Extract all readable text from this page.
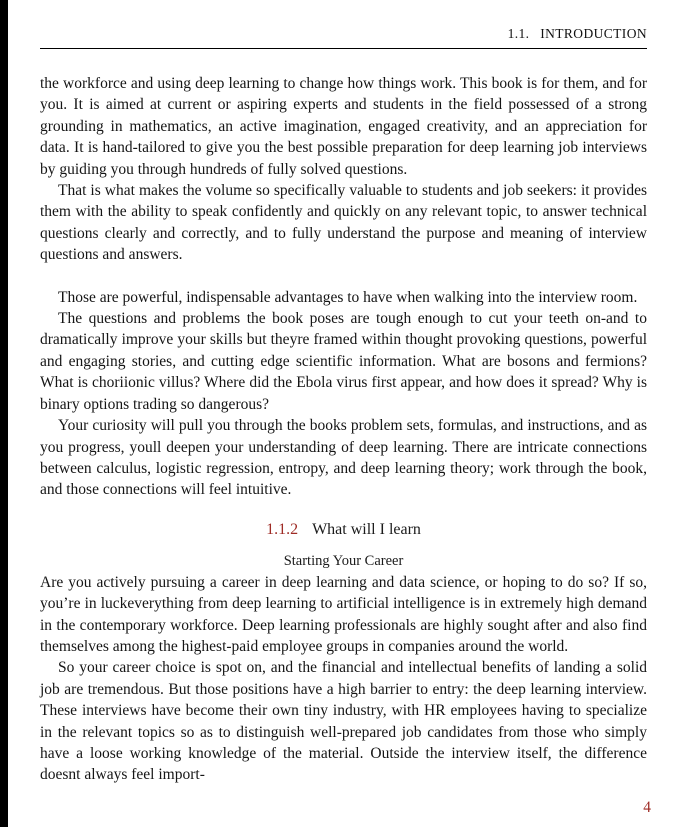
1.1. INTRODUCTION

the workforce and using deep learning to change how things work. This book is for them, and for you. It is aimed at current or aspiring experts and students in the field possessed of a strong grounding in mathematics, an active imagination, engaged creativity, and an appreciation for data. It is hand-tailored to give you the best possible preparation for deep learning job interviews by guiding you through hundreds of fully solved questions.

That is what makes the volume so specifically valuable to students and job seekers: it provides them with the ability to speak confidently and quickly on any relevant topic, to answer technical questions clearly and correctly, and to fully understand the purpose and meaning of interview questions and answers.

Those are powerful, indispensable advantages to have when walking into the interview room.

The questions and problems the book poses are tough enough to cut your teeth on-and to dramatically improve your skills but theyre framed within thought provoking questions, powerful and engaging stories, and cutting edge scientific information. What are bosons and fermions? What is choriionic villus? Where did the Ebola virus first appear, and how does it spread? Why is binary options trading so dangerous?

Your curiosity will pull you through the books problem sets, formulas, and instructions, and as you progress, youll deepen your understanding of deep learning. There are intricate connections between calculus, logistic regression, entropy, and deep learning theory; work through the book, and those connections will feel intuitive.

1.1.2 What will I learn
Starting Your Career

Are you actively pursuing a career in deep learning and data science, or hoping to do so? If so, you’re in luckeverything from deep learning to artificial intelligence is in extremely high demand in the contemporary workforce. Deep learning professionals are highly sought after and also find themselves among the highest-paid employee groups in companies around the world.

So your career choice is spot on, and the financial and intellectual benefits of landing a solid job are tremendous. But those positions have a high barrier to entry: the deep learning interview. These interviews have become their own tiny industry, with HR employees having to specialize in the relevant topics so as to distinguish well-prepared job candidates from those who simply have a loose working knowledge of the material. Outside the interview itself, the difference doesnt always feel import-

4
